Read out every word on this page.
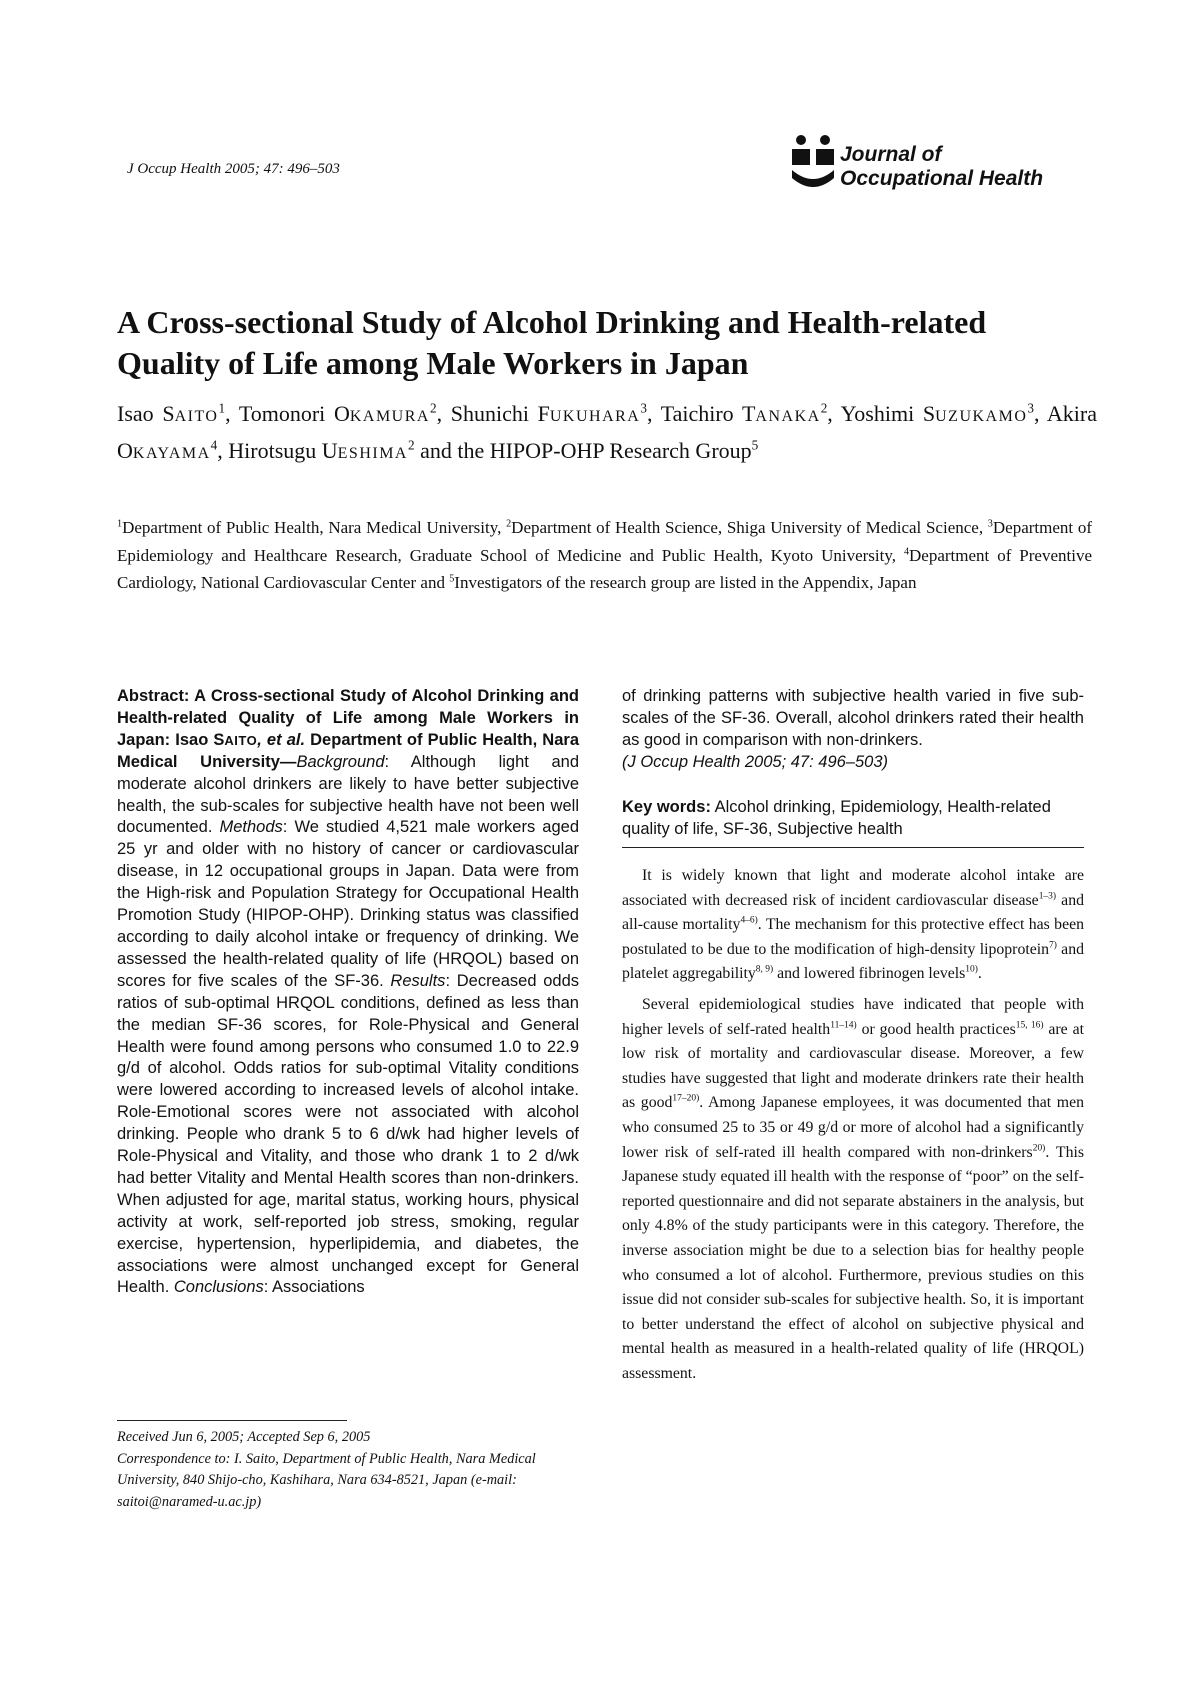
J Occup Health 2005; 47: 496–503
Journal of
Occupational Health
A Cross-sectional Study of Alcohol Drinking and Health-related
Quality of Life among Male Workers in Japan
Isao SAITO$^1$, Tomonori OKAMURA$^2$, Shunichi FUKUHARA$^3$, Taichiro TANAKA$^2$, Yoshimi SUZUKAMO$^3$, Akira OKAYAMA$^4$, Hirotsugu UESHIMA$^2$ and the HIPOP-OHP Research Group$^5$
$^1$Department of Public Health, Nara Medical University, $^2$Department of Health Science, Shiga University of Medical Science, $^3$Department of Epidemiology and Healthcare Research, Graduate School of Medicine and Public Health, Kyoto University, $^4$Department of Preventive Cardiology, National Cardiovascular Center and $^5$Investigators of the research group are listed in the Appendix, Japan
Abstract: A Cross-sectional Study of Alcohol Drinking and Health-related Quality of Life among Male Workers in Japan: Isao SAITO, et al. Department of Public Health, Nara Medical University—Background: Although light and moderate alcohol drinkers are likely to have better subjective health, the sub-scales for subjective health have not been well documented. Methods: We studied 4,521 male workers aged 25 yr and older with no history of cancer or cardiovascular disease, in 12 occupational groups in Japan. Data were from the High-risk and Population Strategy for Occupational Health Promotion Study (HIPOP-OHP). Drinking status was classified according to daily alcohol intake or frequency of drinking. We assessed the health-related quality of life (HRQOL) based on scores for five scales of the SF-36. Results: Decreased odds ratios of sub-optimal HRQOL conditions, defined as less than the median SF-36 scores, for Role-Physical and General Health were found among persons who consumed 1.0 to 22.9 g/d of alcohol. Odds ratios for sub-optimal Vitality conditions were lowered according to increased levels of alcohol intake. Role-Emotional scores were not associated with alcohol drinking. People who drank 5 to 6 d/wk had higher levels of Role-Physical and Vitality, and those who drank 1 to 2 d/wk had better Vitality and Mental Health scores than non-drinkers. When adjusted for age, marital status, working hours, physical activity at work, self-reported job stress, smoking, regular exercise, hypertension, hyperlipidemia, and diabetes, the associations were almost unchanged except for General Health. Conclusions: Associations
of drinking patterns with subjective health varied in five sub-scales of the SF-36. Overall, alcohol drinkers rated their health as good in comparison with non-drinkers.
(J Occup Health 2005; 47: 496–503)
Key words: Alcohol drinking, Epidemiology, Health-related quality of life, SF-36, Subjective health

It is widely known that light and moderate alcohol intake are associated with decreased risk of incident cardiovascular disease$^{1-3)}$ and all-cause mortality$^{4-6)}$. The mechanism for this protective effect has been postulated to be due to the modification of high-density lipoprotein$^{7)}$ and platelet aggregability$^{8, 9)}$ and lowered fibrinogen levels$^{10)}$.

Several epidemiological studies have indicated that people with higher levels of self-rated health$^{11-14)}$ or good health practices$^{15, 16)}$ are at low risk of mortality and cardiovascular disease. Moreover, a few studies have suggested that light and moderate drinkers rate their health as good$^{17-20)}$. Among Japanese employees, it was documented that men who consumed 25 to 35 or 49 g/d or more of alcohol had a significantly lower risk of self-rated ill health compared with non-drinkers$^{20)}$. This Japanese study equated ill health with the response of “poor” on the self-reported questionnaire and did not separate abstainers in the analysis, but only 4.8% of the study participants were in this category. Therefore, the inverse association might be due to a selection bias for healthy people who consumed a lot of alcohol. Furthermore, previous studies on this issue did not consider sub-scales for subjective health. So, it is important to better understand the effect of alcohol on subjective physical and mental health as measured in a health-related quality of life (HRQOL) assessment.

Received Jun 6, 2005; Accepted Sep 6, 2005
Correspondence to: I. Saito, Department of Public Health, Nara Medical University, 840 Shijo-cho, Kashihara, Nara 634-8521, Japan (e-mail: saitoi@naramed-u.ac.jp)
